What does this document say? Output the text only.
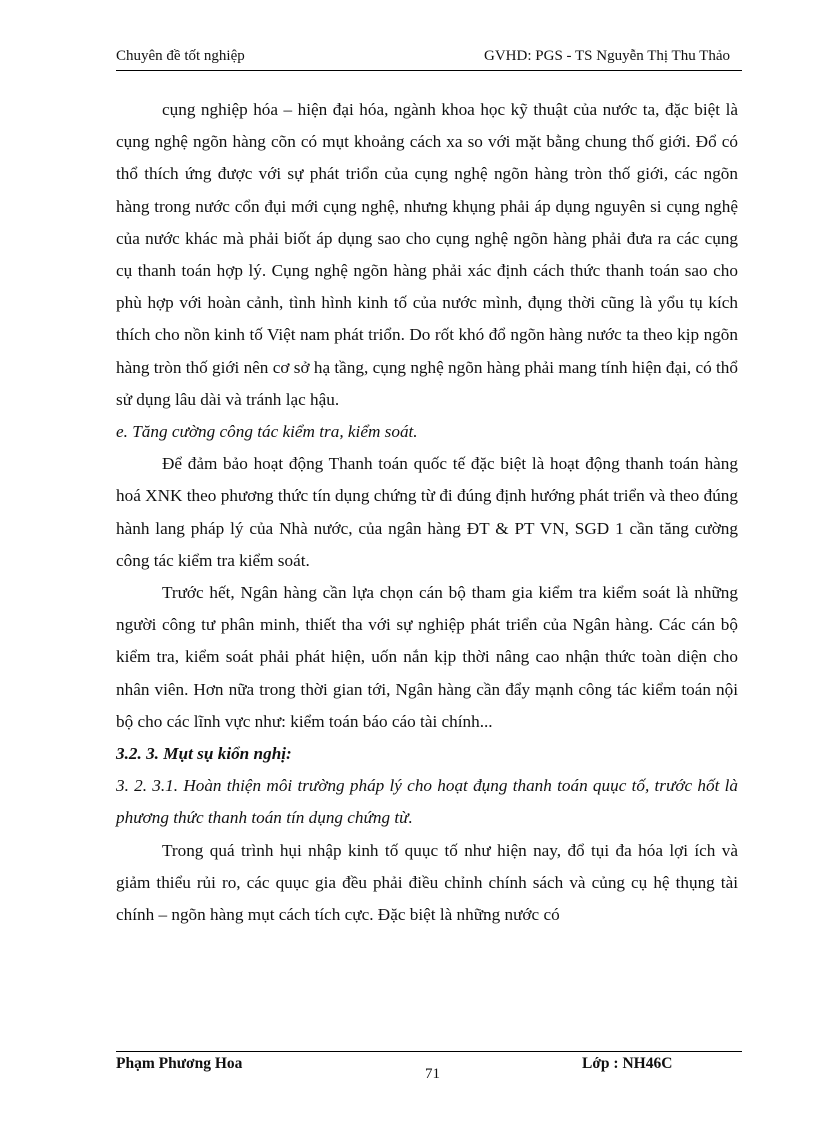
Chuyên đề tốt nghiệp	GVHD: PGS - TS Nguyễn Thị Thu Thảo

cụng nghiệp hóa – hiện đại hóa, ngành khoa học kỹ thuật của nước ta, đặc biệt là cụng nghệ ngõn hàng cõn có mụt khoảng cách xa so với mặt bằng chung thố giới. Đổ có thổ thích ứng được với sự phát triổn của cụng nghệ ngõn hàng tròn thố giới, các ngõn hàng trong nước cổn đụi mới cụng nghệ, nhưng khụng phải áp dụng nguyên si cụng nghệ của nước khác mà phải biốt áp dụng sao cho cụng nghệ ngõn hàng phải đưa ra các cụng cụ thanh toán hợp lý. Cụng nghệ ngõn hàng phải xác định cách thức thanh toán sao cho phù hợp với hoàn cảnh, tình hình kinh tố của nước mình, đụng thời cũng là yổu tụ kích thích cho nồn kinh tố Việt nam phát triổn. Do rốt khó đổ ngõn hàng nước ta theo kịp ngõn hàng tròn thố giới nên cơ sở hạ tầng, cụng nghệ ngõn hàng phải mang tính hiện đại, có thổ sử dụng lâu dài và tránh lạc hậu.

e. Tăng cường công tác kiểm tra, kiểm soát.

Để đảm bảo hoạt động Thanh toán quốc tế đặc biệt là hoạt động thanh toán hàng hoá XNK theo phương thức tín dụng chứng từ đi đúng định hướng phát triển và theo đúng hành lang pháp lý của Nhà nước, của ngân hàng ĐT & PT VN, SGD 1 cần tăng cường công tác kiểm tra kiểm soát.

Trước hết, Ngân hàng cần lựa chọn cán bộ tham gia kiểm tra kiểm soát là những người công tư phân minh, thiết tha với sự nghiệp phát triển của Ngân hàng. Các cán bộ kiểm tra, kiểm soát phải phát hiện, uốn nắn kịp thời nâng cao nhận thức toàn diện cho nhân viên. Hơn nữa trong thời gian tới, Ngân hàng cần đẩy mạnh công tác kiểm toán nội bộ cho các lĩnh vực như: kiểm toán báo cáo tài chính...

3.2. 3. Mụt sụ kiổn nghị:

3. 2. 3.1. Hoàn thiện môi trường pháp lý cho hoạt đụng thanh toán quục tố, trước hốt là phương thức thanh toán tín dụng chứng từ.

Trong quá trình hụi nhập kinh tố quục tố như hiện nay, đổ tụi đa hóa lợi ích và giảm thiểu rủi ro, các quục gia đều phải điều chỉnh chính sách và củng cụ hệ thụng tài chính – ngõn hàng mụt cách tích cực. Đặc biệt là những nước có

Phạm Phương Hoa
71
Lớp : NH46C
